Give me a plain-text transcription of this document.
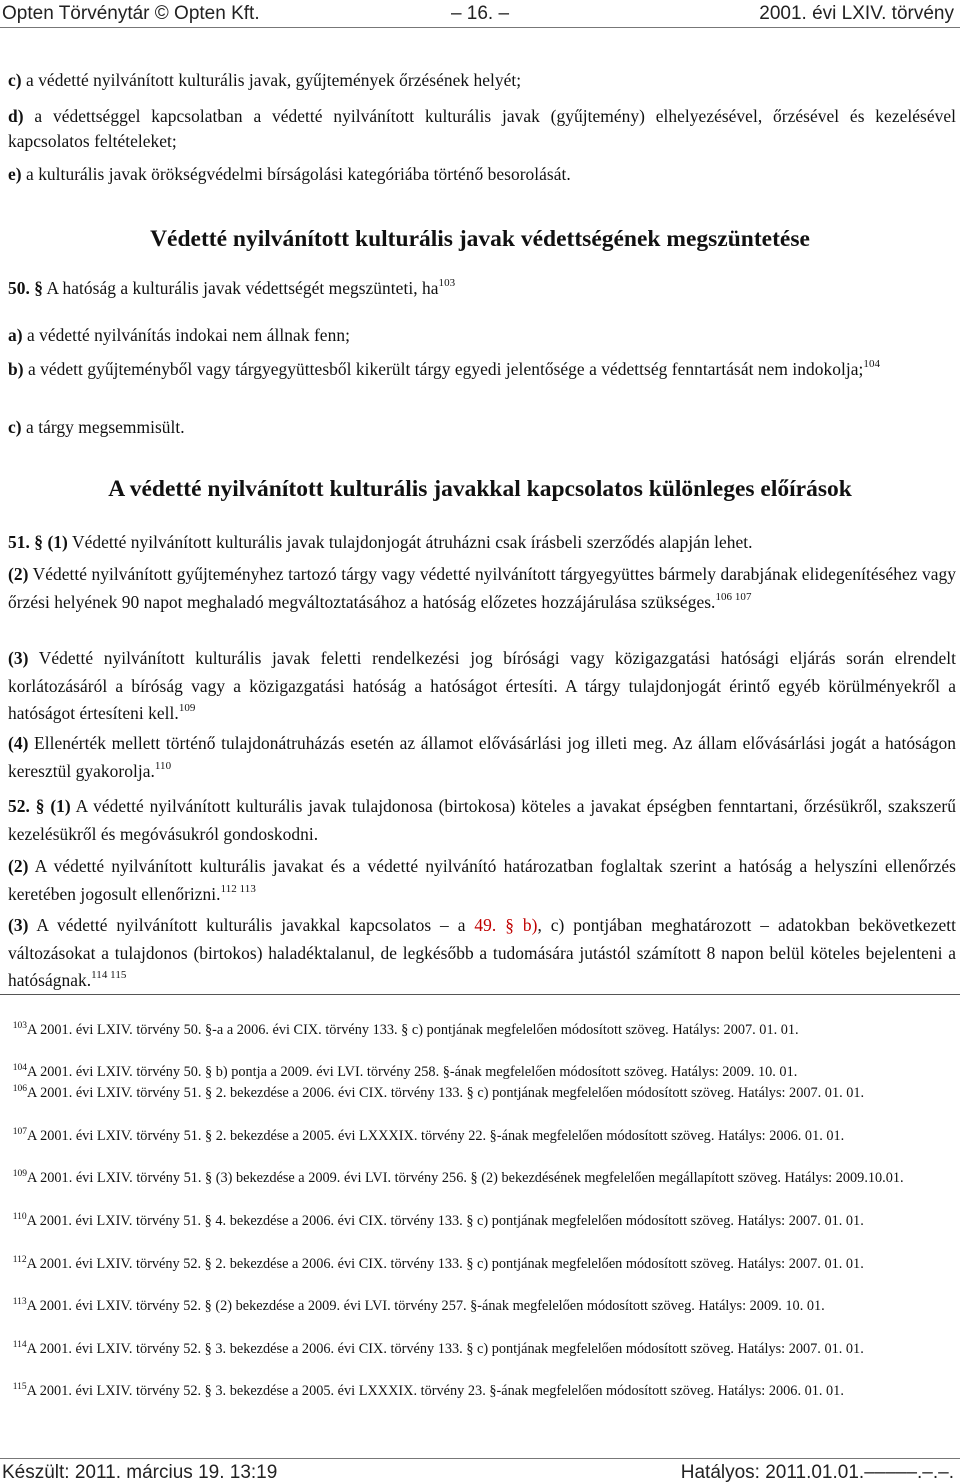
Opten Törvénytár © Opten Kft.	– 16. –	2001. évi LXIV. törvény
c) a védetté nyilvánított kulturális javak, gyűjtemények őrzésének helyét;
d) a védettséggel kapcsolatban a védetté nyilvánított kulturális javak (gyűjtemény) elhelyezésével, őrzésével és kezelésével kapcsolatos feltételeket;
e) a kulturális javak örökségvédelmi bírságolási kategóriába történő besorolását.
Védetté nyilvánított kulturális javak védettségének megszüntetése
50. § A hatóság a kulturális javak védettségét megszünteti, $ha^{103}$
a) a védetté nyilvánítás indokai nem állnak fenn;
b) a védett gyűjteményből vagy tárgyegyüttesből kikerült tárgy egyedi jelentősége a védettség fenntartását nem indokolja;$^{104}$
c) a tárgy megsemmisült.
A védetté nyilvánított kulturális javakkal kapcsolatos különleges előírások
51. § (1) Védetté nyilvánított kulturális javak tulajdonjogát átruházni csak írásbeli szerződés alapján lehet.
(2) Védetté nyilvánított gyűjteményhez tartozó tárgy vagy védetté nyilvánított tárgyegyüttes bármely darabjának elidegenítéséhez vagy őrzési helyének 90 napot meghaladó megváltoztatásához a hatóság előzetes hozzájárulása szükséges.$^{106 107}$
(3) Védetté nyilvánított kulturális javak feletti rendelkezési jog bírósági vagy közigazgatási hatósági eljárás során elrendelt korlátozásáról a bíróság vagy a közigazgatási hatóság a hatóságot értesíti. A tárgy tulajdonjogát érintő egyéb körülményekről a hatóságot értesíteni kell.$^{109}$
(4) Ellenérték mellett történő tulajdonátruházás esetén az államot elővásárlási jog illeti meg. Az állam elővásárlási jogát a hatóságon keresztül gyakorolja.$^{110}$
52. § (1) A védetté nyilvánított kulturális javak tulajdonosa (birtokosa) köteles a javakat épségben fenntartani, őrzésükről, szakszerű kezelésükről és megóvásukról gondoskodni.
(2) A védetté nyilvánított kulturális javakat és a védetté nyilvánító határozatban foglaltak szerint a hatóság a helyszíni ellenőrzés keretében jogosult ellenőrizni.$^{112 113}$
(3) A védetté nyilvánított kulturális javakkal kapcsolatos – a 49. § b), c) pontjában meghatározott – adatokban bekövetkezett változásokat a tulajdonos (birtokos) haladéktalanul, de legkésőbb a tudomására jutástól számított 8 napon belül köteles bejelenteni a hatóságnak.$^{114 115}$
$^{103}$A 2001. évi LXIV. törvény 50. §-a a 2006. évi CIX. törvény 133. § c) pontjának megfelelően módosított szöveg. Hatálys: 2007. 01. 01.
$^{104}$A 2001. évi LXIV. törvény 50. § b) pontja a 2009. évi LVI. törvény 258. §-ának megfelelően módosított szöveg. Hatálys: 2009. 10. 01.
$^{106}$A 2001. évi LXIV. törvény 51. § 2. bekezdése a 2006. évi CIX. törvény 133. § c) pontjának megfelelően módosított szöveg. Hatálys: 2007. 01. 01.
$^{107}$A 2001. évi LXIV. törvény 51. § 2. bekezdése a 2005. évi LXXXIX. törvény 22. §-ának megfelelően módosított szöveg. Hatálys: 2006. 01. 01.
$^{109}$A 2001. évi LXIV. törvény 51. § (3) bekezdése a 2009. évi LVI. törvény 256. § (2) bekezdésének megfelelően megállapított szöveg. Hatálys: 2009.10.01.
$^{110}$A 2001. évi LXIV. törvény 51. § 4. bekezdése a 2006. évi CIX. törvény 133. § c) pontjának megfelelően módosított szöveg. Hatálys: 2007. 01. 01.
$^{112}$A 2001. évi LXIV. törvény 52. § 2. bekezdése a 2006. évi CIX. törvény 133. § c) pontjának megfelelően módosított szöveg. Hatálys: 2007. 01. 01.
$^{113}$A 2001. évi LXIV. törvény 52. § (2) bekezdése a 2009. évi LVI. törvény 257. §-ának megfelelően módosított szöveg. Hatálys: 2009. 10. 01.
$^{114}$A 2001. évi LXIV. törvény 52. § 3. bekezdése a 2006. évi CIX. törvény 133. § c) pontjának megfelelően módosított szöveg. Hatálys: 2007. 01. 01.
$^{115}$A 2001. évi LXIV. törvény 52. § 3. bekezdése a 2005. évi LXXXIX. törvény 23. §-ának megfelelően módosított szöveg. Hatálys: 2006. 01. 01.
Készült: 2011. március 19. 13:19	Hatályos: 2011.01.01.–––––.–.–.
